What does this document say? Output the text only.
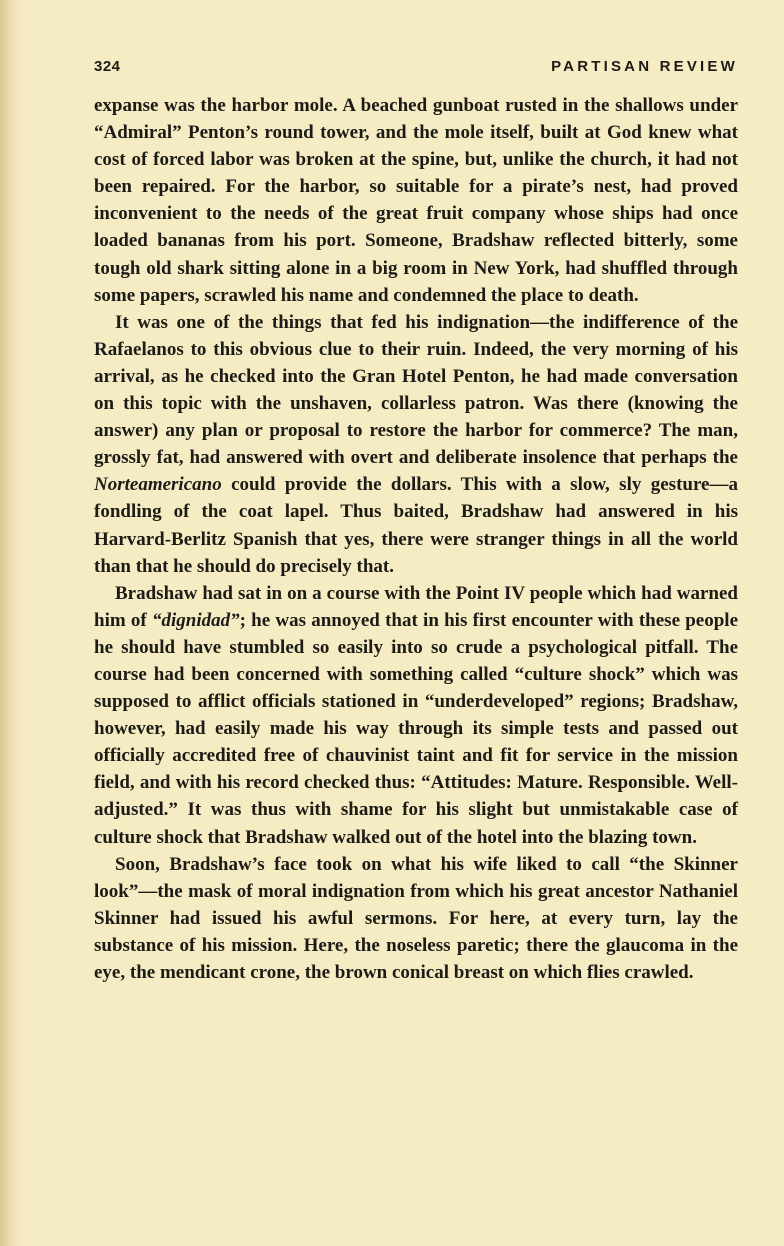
324	PARTISAN REVIEW

expanse was the harbor mole. A beached gunboat rusted in the shallows under “Admiral” Penton’s round tower, and the mole itself, built at God knew what cost of forced labor was broken at the spine, but, unlike the church, it had not been repaired. For the harbor, so suitable for a pirate’s nest, had proved inconvenient to the needs of the great fruit company whose ships had once loaded bananas from his port. Someone, Bradshaw reflected bitterly, some tough old shark sitting alone in a big room in New York, had shuffled through some papers, scrawled his name and condemned the place to death.

It was one of the things that fed his indignation—the indifference of the Rafaelanos to this obvious clue to their ruin. Indeed, the very morning of his arrival, as he checked into the Gran Hotel Penton, he had made conversation on this topic with the unshaven, collarless patron. Was there (knowing the answer) any plan or proposal to restore the harbor for commerce? The man, grossly fat, had answered with overt and deliberate insolence that perhaps the Norteamericano could provide the dollars. This with a slow, sly gesture—a fondling of the coat lapel. Thus baited, Bradshaw had answered in his Harvard-Berlitz Spanish that yes, there were stranger things in all the world than that he should do precisely that.

Bradshaw had sat in on a course with the Point IV people which had warned him of “dignidad”; he was annoyed that in his first encounter with these people he should have stumbled so easily into so crude a psychological pitfall. The course had been concerned with something called “culture shock” which was supposed to afflict officials stationed in “underdeveloped” regions; Bradshaw, however, had easily made his way through its simple tests and passed out officially accredited free of chauvinist taint and fit for service in the mission field, and with his record checked thus: “Attitudes: Mature. Responsible. Well-adjusted.” It was thus with shame for his slight but unmistakable case of culture shock that Bradshaw walked out of the hotel into the blazing town.

Soon, Bradshaw’s face took on what his wife liked to call “the Skinner look”—the mask of moral indignation from which his great ancestor Nathaniel Skinner had issued his awful sermons. For here, at every turn, lay the substance of his mission. Here, the noseless paretic; there the glaucoma in the eye, the mendicant crone, the brown conical breast on which flies crawled.
